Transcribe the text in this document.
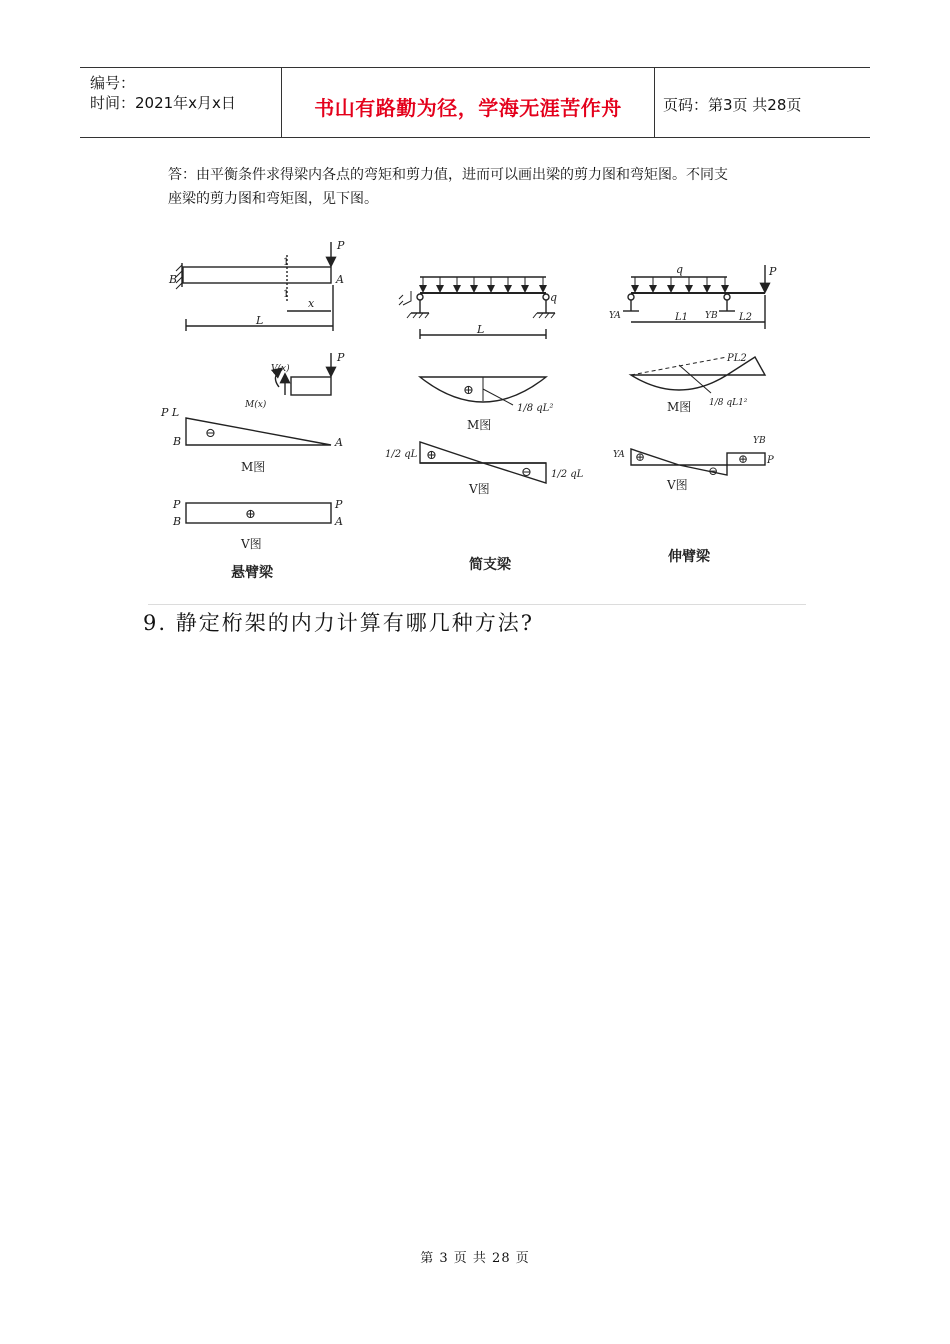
编号：
时间：2021年x月x日	书山有路勤为径，学海无涯苦作舟	页码：第3页 共28页
答：由平衡条件求得梁内各点的弯矩和剪力值，进而可以画出梁的剪力图和弯矩图。不同支
座梁的剪力图和弯矩图，见下图。
B	A
P
1
1
x
L
P
V(x)
M(x)
P L
B	A
⊖
M图
P
B
P
A
⊕
V图
悬臂梁
q
L
⊕
1/8 qL²
M图
⊕
⊖
1/2 qL
1/2 qL
V图
简支梁
q	P
YA	YB
L1	L2
PL2
1/8 qL1²
M图
⊕
⊖
⊕
YA
YB
P
V图
伸臂梁
9. 静定桁架的内力计算有哪几种方法?
第 3 页 共 28 页
